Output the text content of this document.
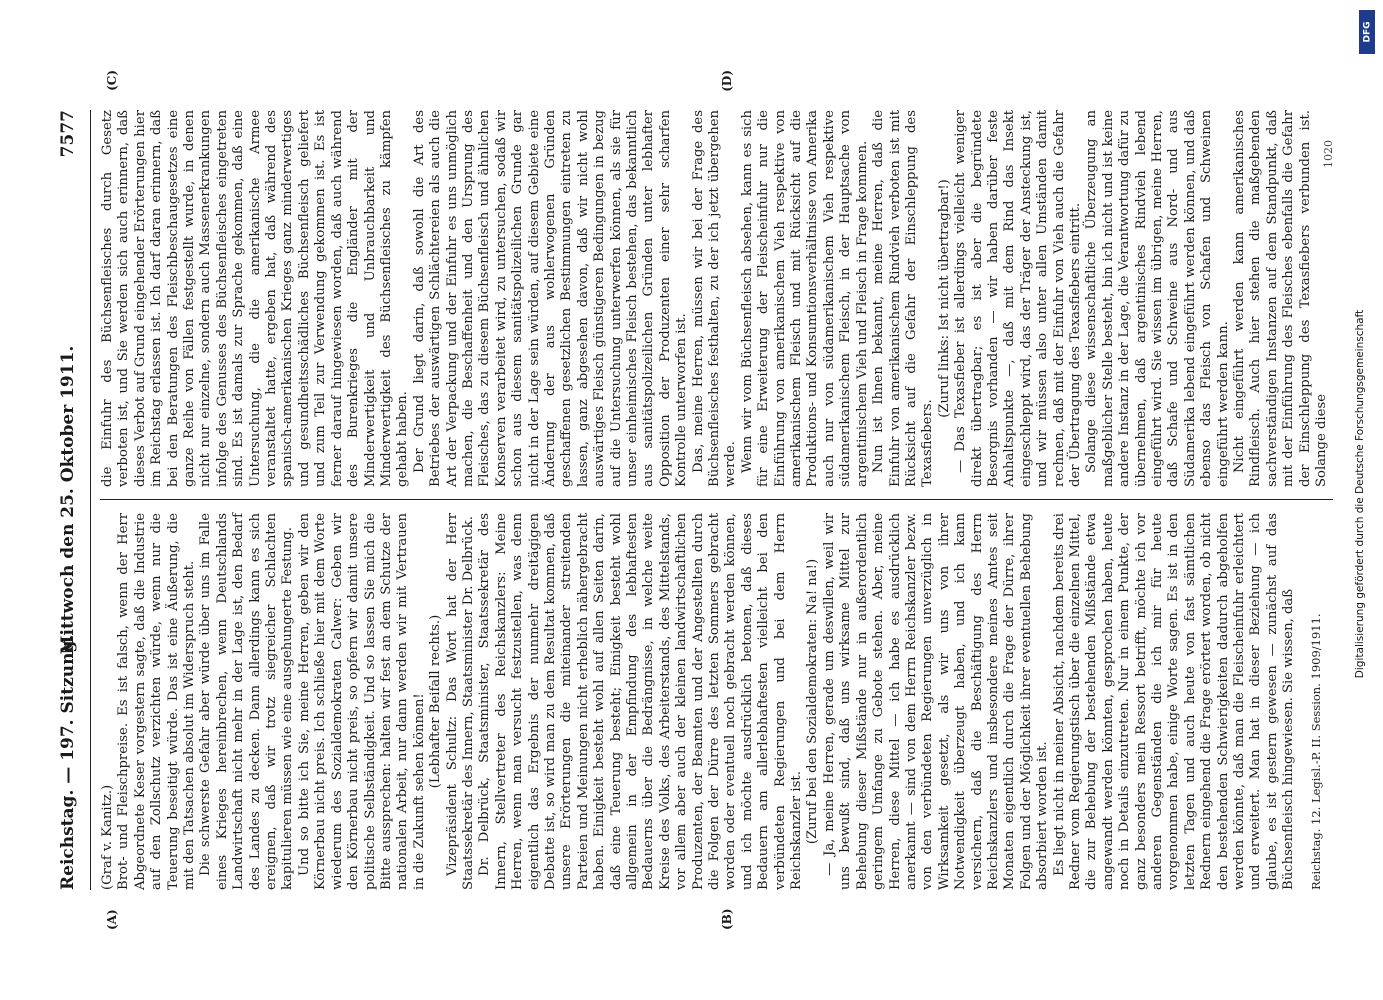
Reichstag. — 197. Sitzung.
Mittwoch den 25. Oktober 1911.
7577
(A)	(B)
(C)	(D)

(Graf v. Kanitz.) Brot- und Fleischpreise. Es ist falsch, wenn der Herr Abgeordnete Keser vorgestern sagte, daß die Industrie auf den Zollschutz verzichten würde, wenn nur die Teuerung beseitigt würde. Das ist eine Äußerung, die mit den Tatsachen absolut im Widerspruch steht. Die schwerste Gefahr aber würde über uns im Falle eines Krieges hereinbrechen, wenn Deutschlands Landwirtschaft nicht mehr in der Lage ist, den Bedarf des Landes zu decken. Dann allerdings kann es sich ereignen, daß wir trotz siegreicher Schlachten kapitulieren müssen wie eine ausgehungerte Festung. Und so bitte ich Sie, meine Herren, geben wir den Körnerbau nicht preis. Ich schließe hier mit dem Worte wiederum des Sozialdemokraten Calwer: Geben wir den Körnerbau nicht preis, so opfern wir damit unsere politische Selbständigkeit. Und so lassen Sie mich die Bitte aussprechen: halten wir fest an dem Schutze der nationalen Arbeit, nur dann werden wir mit Vertrauen in die Zukunft sehen können! (Lebhafter Beifall rechts.) Vizepräsident Schultz: Das Wort hat der Herr Staatssekretär des Innern, Staatsminister Dr. Delbrück. Dr. Delbrück, Staatsminister, Staatssekretär des Innern, Stellvertreter des Reichskanzlers: Meine Herren, wenn man versucht festzustellen, was denn eigentlich das Ergebnis der nunmehr dreitägigen Debatte ist, so wird man zu dem Resultat kommen, daß unsere Erörterungen die miteinander streitenden Parteien und Meinungen nicht erheblich nähergebracht haben. Einigkeit besteht wohl auf allen Seiten darin, daß eine Teuerung besteht; Einigkeit besteht wohl allgemein in der Empfindung des lebhaftesten Bedauerns über die Bedrängnisse, in welche weite Kreise des Volks, des Arbeiterstands, des Mittelstands, vor allem aber auch der kleinen landwirtschaftlichen Produzenten, der Beamten und der Angestellten durch die Folgen der Dürre des letzten Sommers gebracht worden oder eventuell noch gebracht werden können, und ich möchte ausdrücklich betonen, daß dieses Bedauern am allerlebhaftesten vielleicht bei den verbündeten Regierungen und bei dem Herrn Reichskanzler ist. (Zuruf bei den Sozialdemokraten: Na! na!) — Ja, meine Herren, gerade um deswillen, weil wir uns bewußt sind, daß uns wirksame Mittel zur Behebung dieser Mißstände nur in außerordentlich geringem Umfange zu Gebote stehen. Aber, meine Herren, diese Mittel — ich habe es ausdrücklich anerkannt — sind von dem Herrn Reichskanzler bezw. von den verbündeten Regierungen unverzüglich in Wirksamkeit gesetzt, als wir uns von ihrer Notwendigkeit überzeugt haben, und ich kann versichern, daß die Beschäftigung des Herrn Reichskanzlers und insbesondere meines Amtes seit Monaten eigentlich durch die Frage der Dürre, ihrer Folgen und der Möglichkeit ihrer eventuellen Behebung absorbiert worden ist. Es liegt nicht in meiner Absicht, nachdem bereits drei Redner vom Regierungstisch über die einzelnen Mittel, die zur Behebung der bestehenden Mißstände etwa angewandt werden könnten, gesprochen haben, heute noch in Details einzutreten. Nur in einem Punkte, der ganz besonders mein Ressort betrifft, möchte ich vor anderen Gegenständen die ich mir für heute vorgenommen habe, einige Worte sagen. Es ist in den letzten Tagen und auch heute von fast sämtlichen Rednern eingehend die Frage erörtert worden, ob nicht den bestehenden Schwierigkeiten dadurch abgeholfen werden könnte, daß man die Fleischeinfuhr erleichtert und erweitert. Man hat in dieser Beziehung — ich glaube, es ist gestern gewesen — zunächst auf das Büchsenfleisch hingewiesen. Sie wissen, daß

die Einfuhr des Büchsenfleisches durch Gesetz verboten ist, und Sie werden sich auch erinnern, daß dieses Verbot auf Grund eingehender Erörterungen hier im Reichstag erlassen ist. Ich darf daran erinnern, daß bei den Beratungen des Fleischbeschaugesetzes eine ganze Reihe von Fällen festgestellt wurde, in denen nicht nur einzelne, sondern auch Massenerkrankungen infolge des Genusses des Büchsenfleisches eingetreten sind. Es ist damals zur Sprache gekommen, daß eine Untersuchung, die die amerikanische Armee veranstaltet hatte, ergeben hat, daß während des spanisch-amerikanischen Krieges ganz minderwertiges und gesundheitsschädliches Büchsenfleisch geliefert und zum Teil zur Verwendung gekommen ist. Es ist ferner darauf hingewiesen worden, daß auch während des Burenkrieges die Engländer mit der Minderwertigkeit und Unbrauchbarkeit und Minderwertigkeit des Büchsenfleisches zu kämpfen gehabt haben. Der Grund liegt darin, daß sowohl die Art des Betriebes der auswärtigen Schlächtereien als auch die Art der Verpackung und der Einfuhr es uns unmöglich machen, die Beschaffenheit und den Ursprung des Fleisches, das zu diesem Büchsenfleisch und ähnlichen Konserven verarbeitet wird, zu untersuchen, sodaß wir schon aus diesem sanitätspolizeilichen Grunde gar nicht in der Lage sein würden, auf diesem Gebiete eine Änderung der aus wohlerwogenen Gründen geschaffenen gesetzlichen Bestimmungen eintreten zu lassen, ganz abgesehen davon, daß wir nicht wohl auswärtiges Fleisch günstigeren Bedingungen in bezug auf die Untersuchung unterwerfen können, als sie für unser einheimisches Fleisch bestehen, das bekanntlich aus sanitätspolizeilichen Gründen unter lebhafter Opposition der Produzenten einer sehr scharfen Kontrolle unterworfen ist. Das, meine Herren, müssen wir bei der Frage des Büchsenfleisches festhalten, zu der ich jetzt übergehen werde. Wenn wir vom Büchsenfleisch absehen, kann es sich für eine Erweiterung der Fleischeinfuhr nur die Einführung von amerikanischem Vieh respektive von amerikanischem Fleisch und mit Rücksicht auf die Produktions- und Konsumtionsverhältnisse von Amerika auch nur von südamerikanischem Vieh respektive südamerikanischem Fleisch, in der Hauptsache von argentinischem Vieh und Fleisch in Frage kommen. Nun ist Ihnen bekannt, meine Herren, daß die Einfuhr von amerikanischem Rindvieh verboten ist mit Rücksicht auf die Gefahr der Einschleppung des Texasfiebers.

(Zuruf links: Ist nicht übertragbar!) — Das Texasfieber ist allerdings vielleicht weniger direkt übertragbar; es ist aber die begründete Besorgnis vorhanden — wir haben darüber feste Anhaltspunkte —, daß mit dem Rind das Insekt eingeschleppt wird, das der Träger der Ansteckung ist, und wir müssen also unter allen Umständen damit rechnen, daß mit der Einfuhr von Vieh auch die Gefahr der Übertragung des Texasfiebers eintritt. Solange diese wissenschaftliche Überzeugung an maßgeblicher Stelle besteht, bin ich nicht und ist keine andere Instanz in der Lage, die Verantwortung dafür zu übernehmen, daß argentinisches Rindvieh lebend eingeführt wird. Sie wissen im übrigen, meine Herren, daß Schafe und Schweine aus Nord- und aus Südamerika lebend eingeführt werden können, und daß ebenso das Fleisch von Schafen und Schweinen eingeführt werden kann. Nicht eingeführt werden kann amerikanisches Rindfleisch. Auch hier stehen die maßgebenden sachverständigen Instanzen auf dem Standpunkt, daß mit der Einführung des Fleisches ebenfalls die Gefahr der Einschleppung des Texasfiebers verbunden ist. Solange diese

Reichstag. 12. Legisl.-P. II. Session. 1909/1911.
1020
Digitalisierung gefördert durch die Deutsche Forschungsgemeinschaft
DFG
